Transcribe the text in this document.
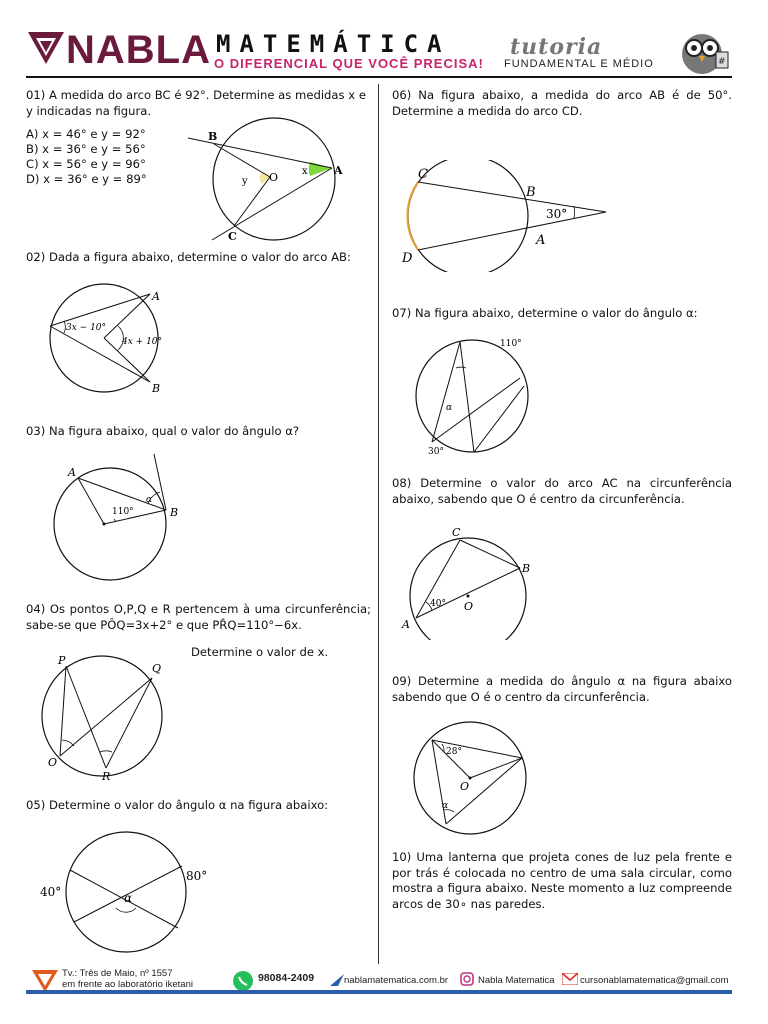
NABLA MATEMÁTICA
O DIFERENCIAL QUE VOCÊ PRECISA!
tutoria
FUNDAMENTAL E MÉDIO	#

01) A medida do arco BC é 92°. Determine as medidas x e y indicadas na figura.

A) x = 46° e y = 92°
B) x = 36° e y = 56°
C) x = 56° e y = 96°
D) x = 36° e y = 89°
B
C
A
O x
y

02) Dada a figura abaixo, determine o valor do arco AB:

A
B
3x − 10°
4x + 10°

03) Na figura abaixo, qual o valor do ângulo α?

A
B
110°
α

04) Os pontos O,P,Q e R pertencem à uma circunferência; sabe-se que PÔQ=3x+2° e que PR̂Q=110°−6x.

Determine o valor de x.

P
Q
O
R

05) Determine o valor do ângulo α na figura abaixo:

40°
80°
α

06) Na figura abaixo, a medida do arco AB é de 50°. Determine a medida do arco CD.

C
B
D
A
30°

07) Na figura abaixo, determine o valor do ângulo α:

110°
30°
α

08) Determine o valor do arco AC na circunferência abaixo, sabendo que O é centro da circunferência.

C
B
A
O
40°

09) Determine a medida do ângulo α na figura abaixo sabendo que O é o centro da circunferência.

28°
O
α

10) Uma lanterna que projeta cones de luz pela frente e por trás é colocada no centro de uma sala circular, como mostra a figura abaixo. Neste momento a luz compreende arcos de 30∘ nas paredes.

Tv.: Três de Maio, nº 1557
em frente ao laboratório iketani
98084-2409	nablamatematica.com.br	Nabla Matematica	cursonablamatematica@gmail.com
